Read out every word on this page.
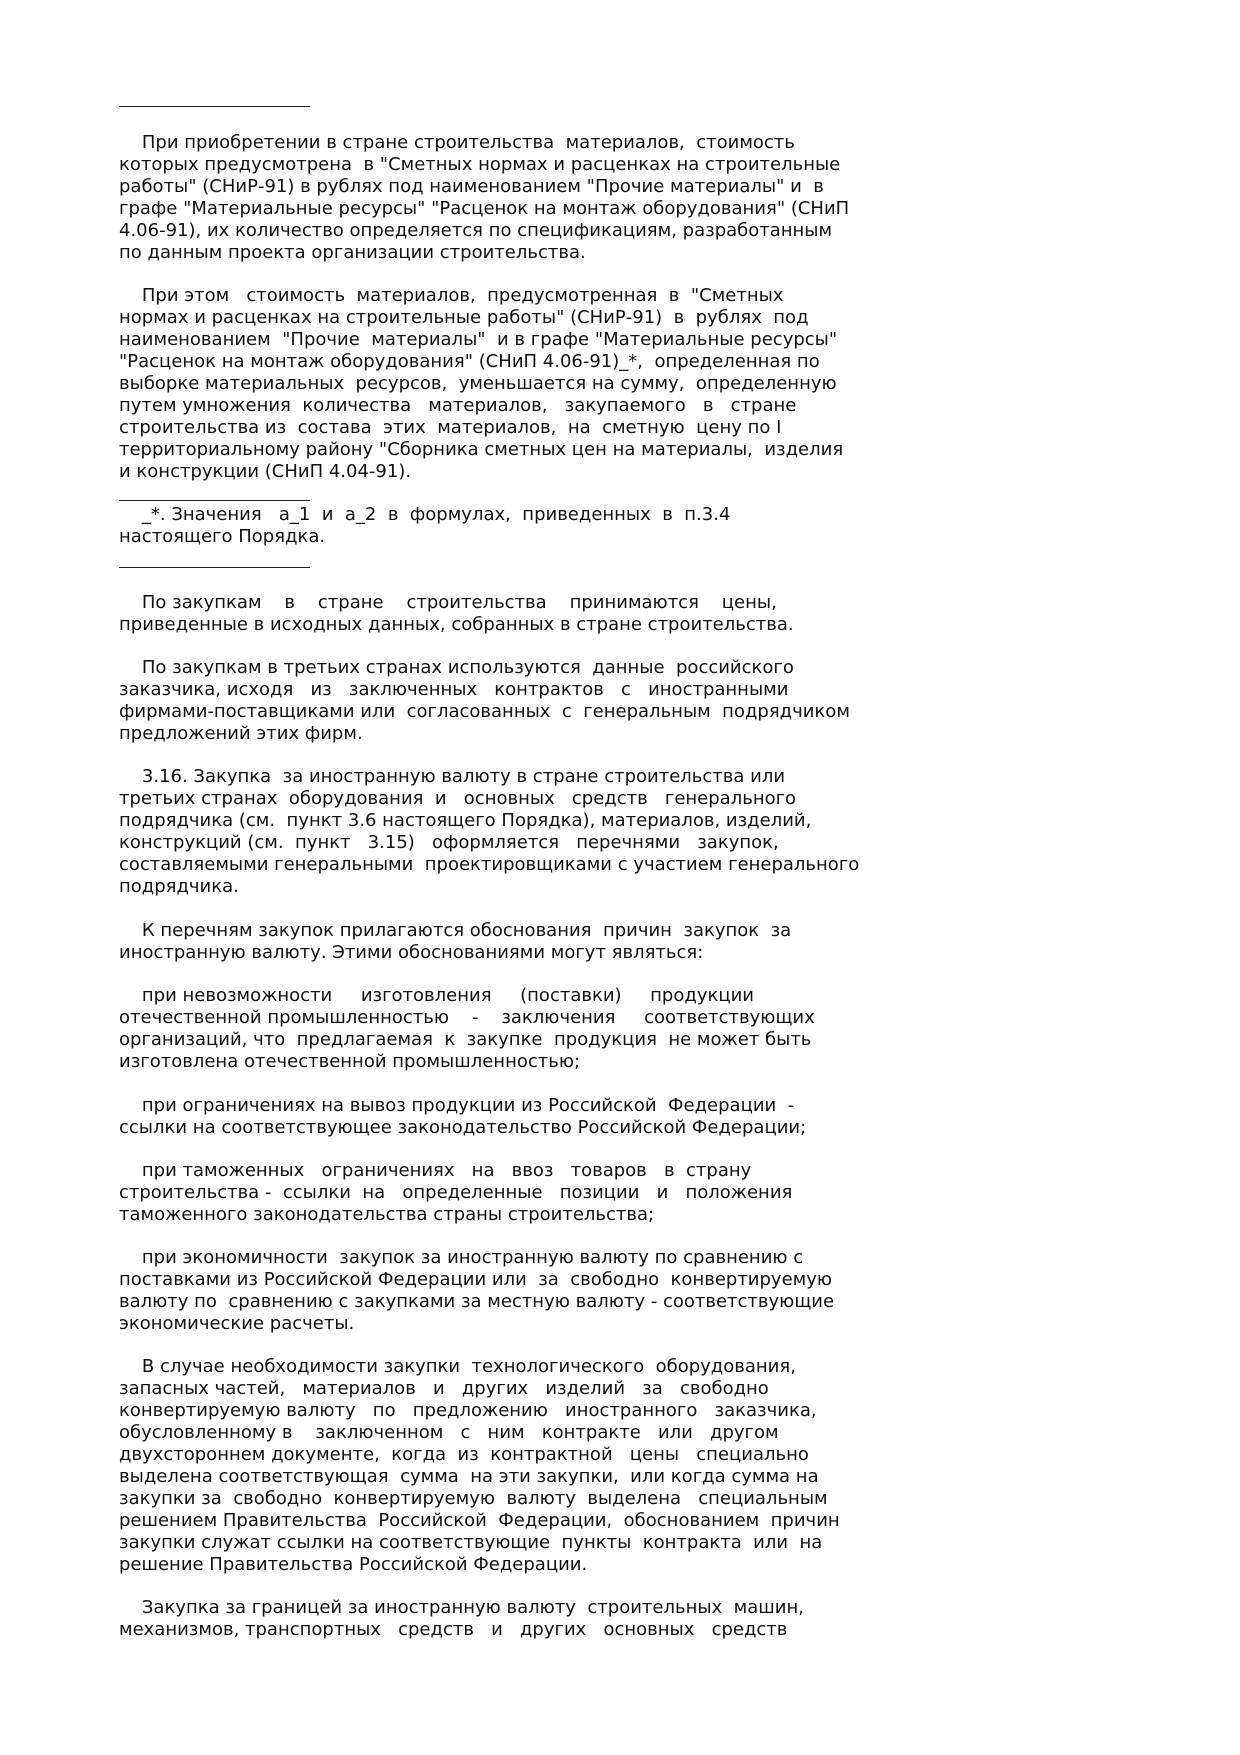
При приобретении в стране строительства  материалов,  стоимость
которых предусмотрена  в "Сметных нормах и расценках на строительные
работы" (СНиР-91) в рублях под наименованием "Прочие материалы" и  в
графе "Материальные ресурсы" "Расценок на монтаж оборудования" (СНиП
4.06-91), их количество определяется по спецификациям, разработанным
по данным проекта организации строительства.

При этом   стоимость  материалов,  предусмотренная  в  "Сметных
нормах и расценках на строительные работы" (СНиР-91)  в  рублях  под
наименованием  "Прочие  материалы"  и в графе "Материальные ресурсы"
"Расценок на монтаж оборудования" (СНиП 4.06-91)_*,  определенная по
выборке материальных  ресурсов,  уменьшается на сумму,  определенную
путем умножения  количества   материалов,   закупаемого   в   стране
строительства из  состава  этих  материалов,  на  сметную  цену по I
территориальному району "Сборника сметных цен на материалы,  изделия
и конструкции (СНиП 4.04-91).

_*. Значения   а_1  и  а_2  в  формулах,  приведенных  в  п.3.4
настоящего Порядка.

По закупкам    в    стране    строительства    принимаются    цены,
приведенные в исходных данных, собранных в стране строительства.

По закупкам в третьих странах используются  данные  российского
заказчика, исходя   из   заключенных   контрактов   с   иностранными
фирмами-поставщиками или  согласованных  с  генеральным  подрядчиком
предложений этих фирм.

3.16. Закупка  за иностранную валюту в стране строительства или
третьих странах  оборудования  и   основных   средств   генерального
подрядчика (см.  пункт 3.6 настоящего Порядка), материалов, изделий,
конструкций (см.  пункт   3.15)   оформляется   перечнями   закупок,
составляемыми генеральными  проектировщиками с участием генерального
подрядчика.

К перечням закупок прилагаются обоснования  причин  закупок  за
иностранную валюту. Этими обоснованиями могут являться:

при невозможности     изготовления     (поставки)     продукции
отечественной промышленностью    -    заключения     соответствующих
организаций, что  предлагаемая  к  закупке  продукция  не может быть
изготовлена отечественной промышленностью;

при ограничениях на вывоз продукции из Российской  Федерации  -
ссылки на соответствующее законодательство Российской Федерации;

при таможенных   ограничениях   на   ввоз   товаров   в  страну
строительства -  ссылки  на   определенные   позиции   и   положения
таможенного законодательства страны строительства;

при экономичности  закупок за иностранную валюту по сравнению с
поставками из Российской Федерации или  за  свободно  конвертируемую
валюту по  сравнению с закупками за местную валюту - соответствующие
экономические расчеты.

В случае необходимости закупки  технологического  оборудования,
запасных частей,   материалов   и   других   изделий   за   свободно
конвертируемую валюту   по   предложению   иностранного   заказчика,
обусловленному в    заключенном   с   ним   контракте   или   другом
двухстороннем документе,  когда  из  контрактной   цены   специально
выделена соответствующая  сумма  на эти закупки,  или когда сумма на
закупки за  свободно  конвертируемую  валюту  выделена   специальным
решением Правительства  Российской  Федерации,  обоснованием  причин
закупки служат ссылки на соответствующие  пункты  контракта  или  на
решение Правительства Российской Федерации.

Закупка за границей за иностранную валюту  строительных  машин,
механизмов, транспортных   средств   и   других   основных   средств
